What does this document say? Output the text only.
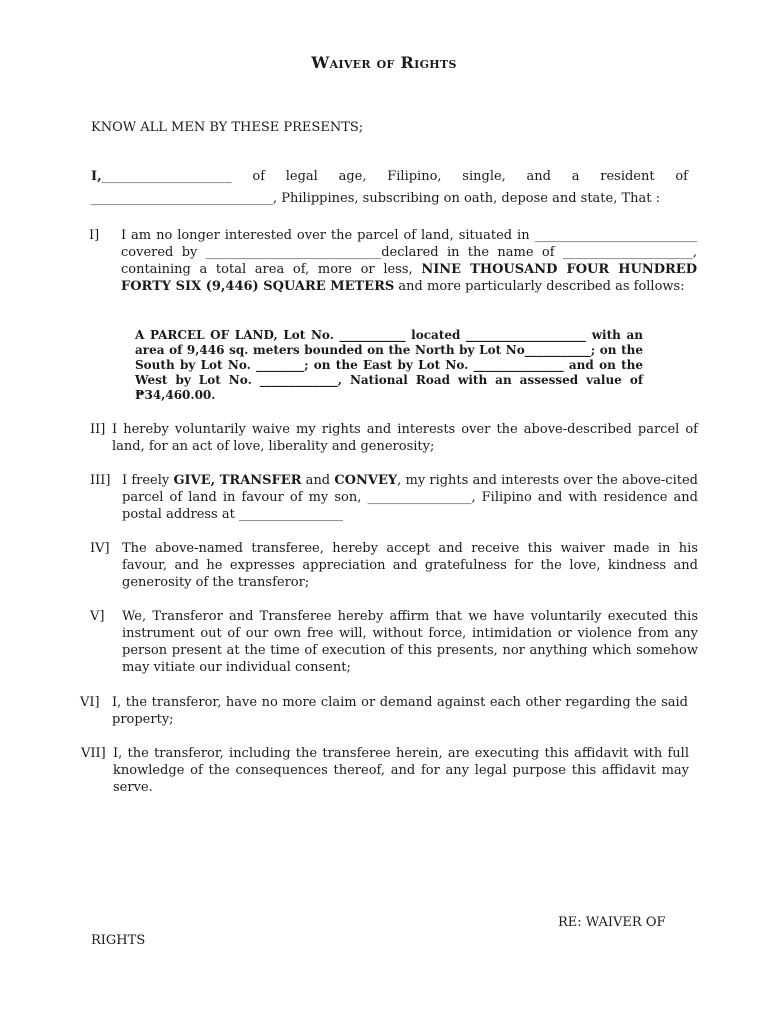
Waiver of Rights

KNOW ALL MEN BY THESE PRESENTS;

I,____________________ of legal age, Filipino, single, and a resident of ____________________________, Philippines, subscribing on oath, depose and state, That :

I]	I am no longer interested over the parcel of land, situated in _________________________ covered by ___________________________declared in the name of ____________________, containing a total area of, more or less, NINE THOUSAND FOUR HUNDRED FORTY SIX (9,446) SQUARE METERS and more particularly described as follows:

A PARCEL OF LAND, Lot No. ___________ located ____________________ with an area of 9,446 sq. meters bounded on the North by Lot No___________; on the South by Lot No. ________; on the East by Lot No. _______________ and on the West by Lot No. _____________, National Road with an assessed value of ₱34,460.00.

II] I hereby voluntarily waive my rights and interests over the above-described parcel of land, for an act of love, liberality and generosity;
III] I freely GIVE, TRANSFER and CONVEY, my rights and interests over the above-cited parcel of land in favour of my son, ________________, Filipino and with residence and postal address at ________________
IV] The above-named transferee, hereby accept and receive this waiver made in his favour, and he expresses appreciation and gratefulness for the love, kindness and generosity of the transferor;
V]	We, Transferor and Transferee hereby affirm that we have voluntarily executed this instrument out of our own free will, without force, intimidation or violence from any person present at the time of execution of this presents, nor anything which somehow may vitiate our individual consent;
VI] I, the transferor, have no more claim or demand against each other regarding the said property;
VII] I, the transferor, including the transferee herein, are executing this affidavit with full knowledge of the consequences thereof, and for any legal purpose this affidavit may serve.

RE: WAIVER OF

RIGHTS
